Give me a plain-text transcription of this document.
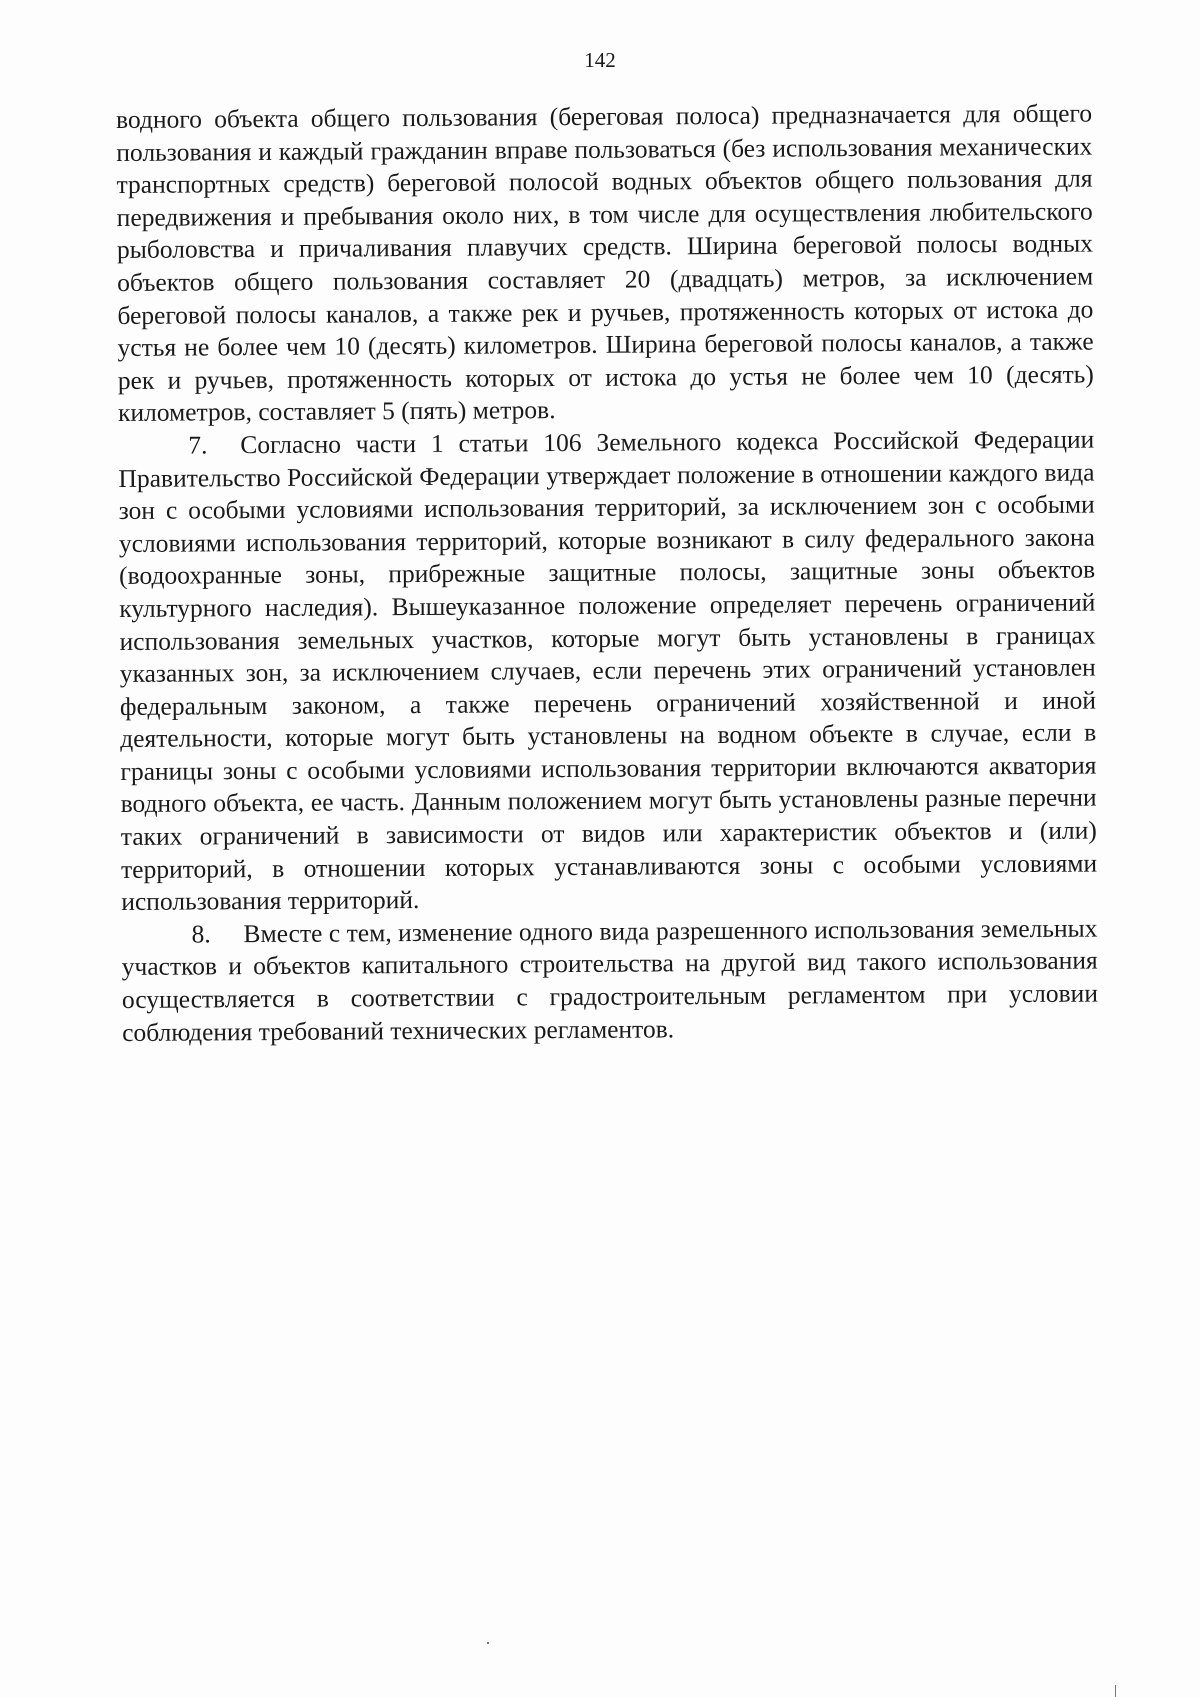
142

водного объекта общего пользования (береговая полоса) предназначается для общего пользования и каждый гражданин вправе пользоваться (без использования механических транспортных средств) береговой полосой водных объектов общего пользования для передвижения и пребывания около них, в том числе для осуществления любительского рыболовства и причаливания плавучих средств. Ширина береговой полосы водных объектов общего пользования составляет 20 (двадцать) метров, за исключением береговой полосы каналов, а также рек и ручьев, протяженность которых от истока до устья не более чем 10 (десять) километров. Ширина береговой полосы каналов, а также рек и ручьев, протяженность которых от истока до устья не более чем 10 (десять) километров, составляет 5 (пять) метров.

7. Согласно части 1 статьи 106 Земельного кодекса Российской Федерации Правительство Российской Федерации утверждает положение в отношении каждого вида зон с особыми условиями использования территорий, за исключением зон с особыми условиями использования территорий, которые возникают в силу федерального закона (водоохранные зоны, прибрежные защитные полосы, защитные зоны объектов культурного наследия). Вышеуказанное положение определяет перечень ограничений использования земельных участков, которые могут быть установлены в границах указанных зон, за исключением случаев, если перечень этих ограничений установлен федеральным законом, а также перечень ограничений хозяйственной и иной деятельности, которые могут быть установлены на водном объекте в случае, если в границы зоны с особыми условиями использования территории включаются акватория водного объекта, ее часть. Данным положением могут быть установлены разные перечни таких ограничений в зависимости от видов или характеристик объектов и (или) территорий, в отношении которых устанавливаются зоны с особыми условиями использования территорий.

8. Вместе с тем, изменение одного вида разрешенного использования земельных участков и объектов капитального строительства на другой вид такого использования осуществляется в соответствии с градостроительным регламентом при условии соблюдения требований технических регламентов.
